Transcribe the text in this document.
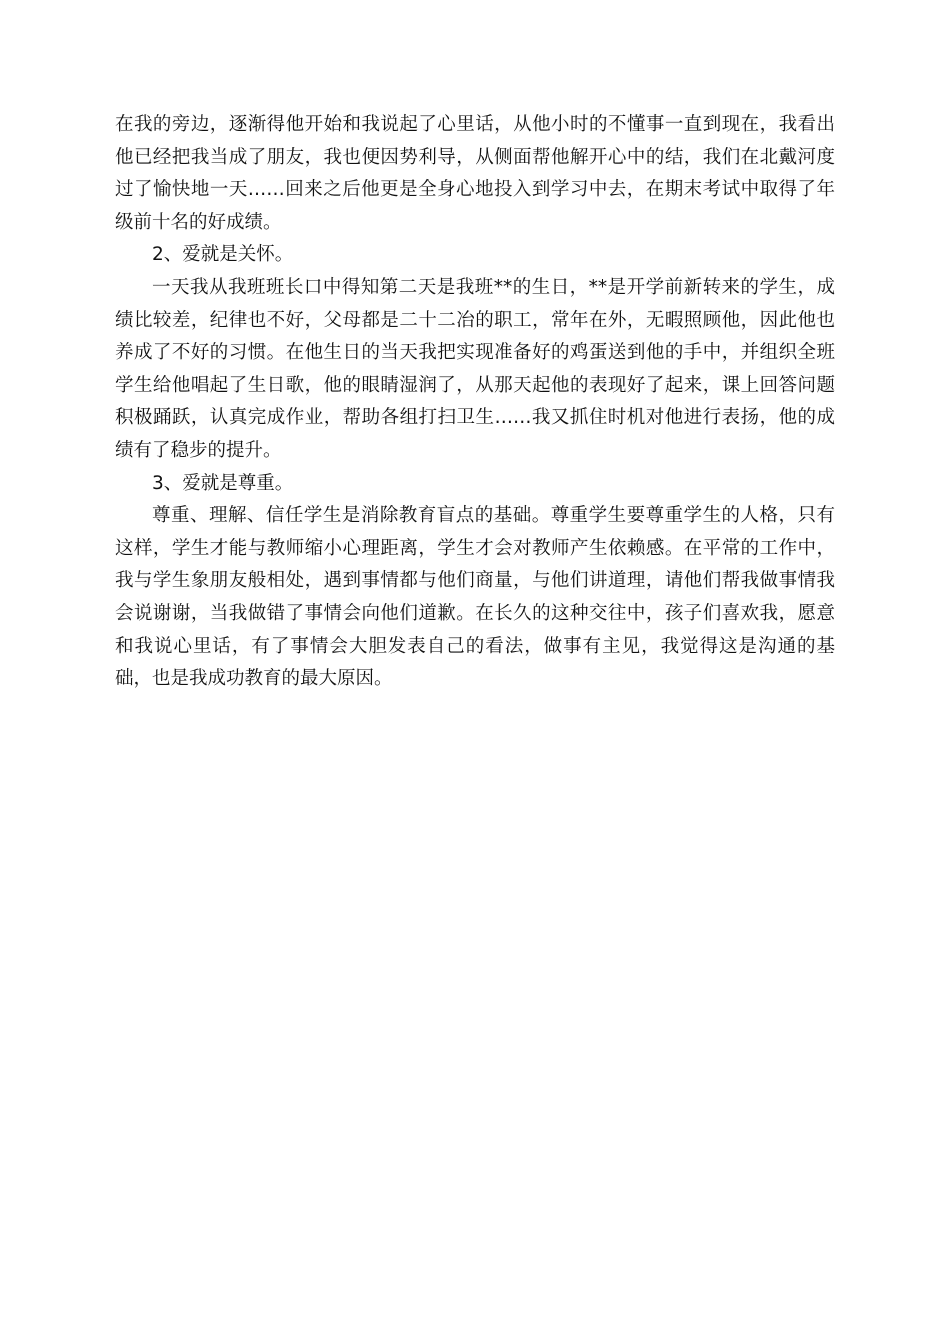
在我的旁边，逐渐得他开始和我说起了心里话，从他小时的不懂事一直到现在，我看出他已经把我当成了朋友，我也便因势利导，从侧面帮他解开心中的结，我们在北戴河度过了愉快地一天……回来之后他更是全身心地投入到学习中去，在期末考试中取得了年级前十名的好成绩。

2、爱就是关怀。

一天我从我班班长口中得知第二天是我班**的生日，**是开学前新转来的学生，成绩比较差，纪律也不好，父母都是二十二冶的职工，常年在外，无暇照顾他，因此他也养成了不好的习惯。在他生日的当天我把实现准备好的鸡蛋送到他的手中，并组织全班学生给他唱起了生日歌，他的眼睛湿润了，从那天起他的表现好了起来，课上回答问题积极踊跃，认真完成作业，帮助各组打扫卫生……我又抓住时机对他进行表扬，他的成绩有了稳步的提升。

3、爱就是尊重。

尊重、理解、信任学生是消除教育盲点的基础。尊重学生要尊重学生的人格，只有这样，学生才能与教师缩小心理距离，学生才会对教师产生依赖感。在平常的工作中，我与学生象朋友般相处，遇到事情都与他们商量，与他们讲道理，请他们帮我做事情我会说谢谢，当我做错了事情会向他们道歉。在长久的这种交往中，孩子们喜欢我，愿意和我说心里话，有了事情会大胆发表自己的看法，做事有主见，我觉得这是沟通的基础，也是我成功教育的最大原因。
